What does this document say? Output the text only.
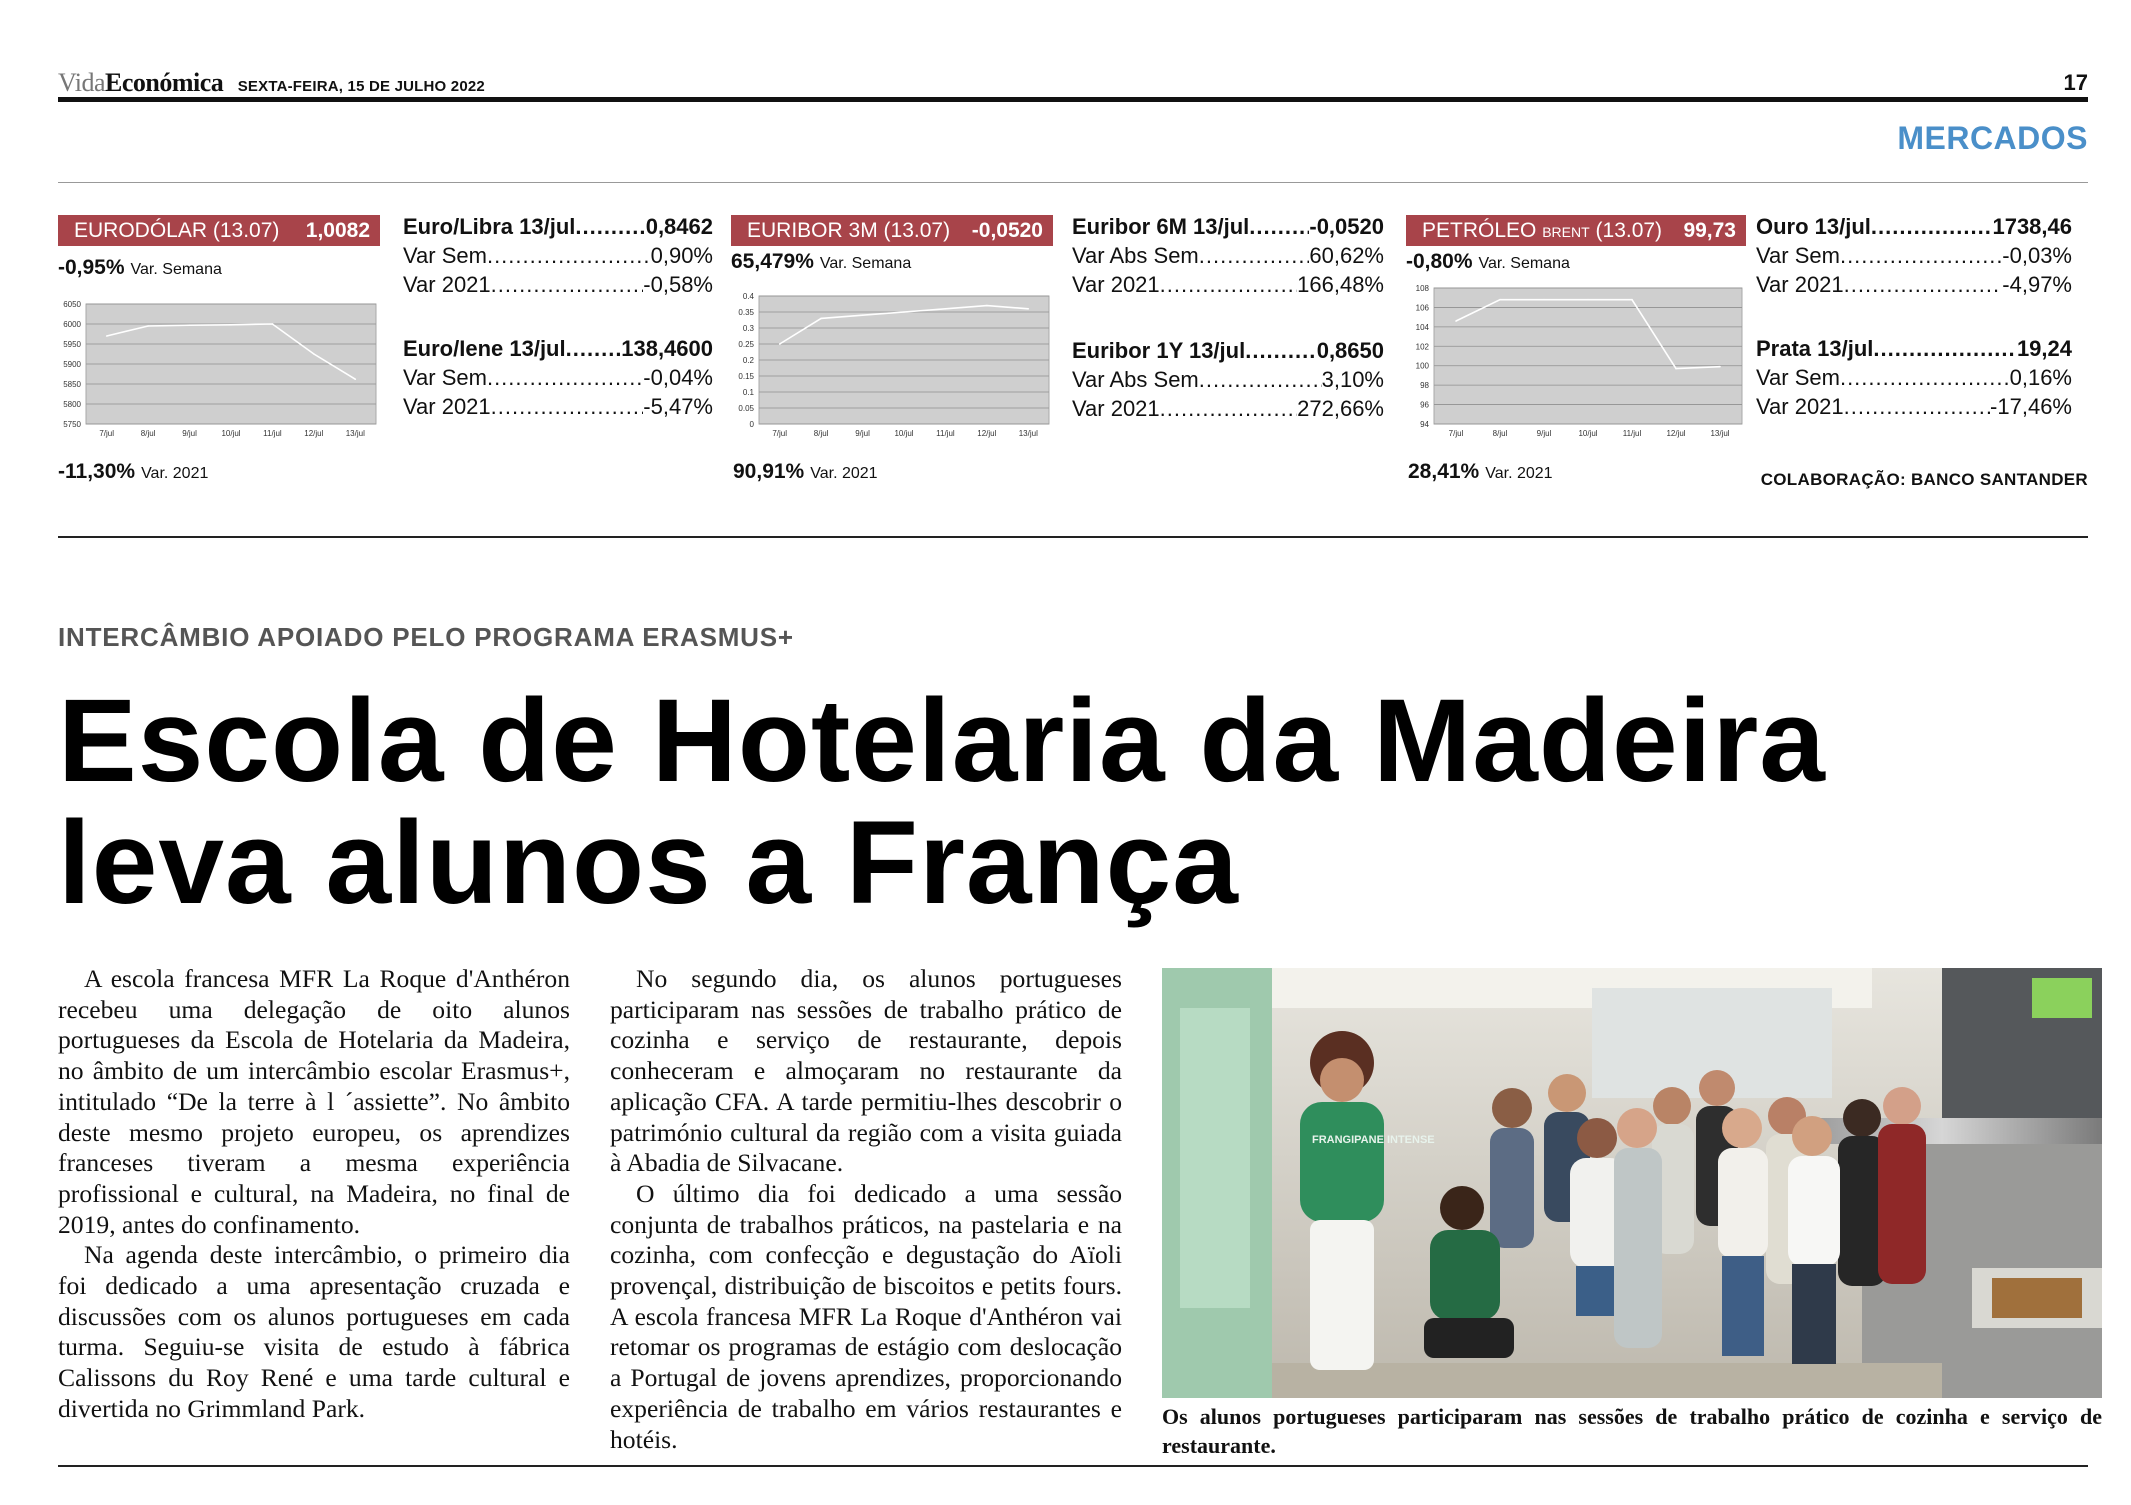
VidaEconómica SEXTA-FEIRA, 15 DE JULHO 2022	17
MERCADOS
EURODÓLAR (13.07) 1,0082
-0,95% Var. Semana
5750
5800
5850
5900
5950
6000
6050
7/jul	8/jul	9/jul	10/jul	11/jul	12/jul	13/jul
-11,30% Var. 2021
Euro/Libra 13/jul .....	0,8462
Var Sem .....	0,90%
Var 2021 .....	-0,58%
Euro/Iene 13/jul .....	138,4600
Var Sem .....	-0,04%
Var 2021 .....	-5,47%
EURIBOR 3M (13.07) -0,0520
65,479% Var. Semana
0
0.05
0.1
0.15
0.2
0.25
0.3
0.35
0.4
7/jul	8/jul	9/jul	10/jul	11/jul	12/jul	13/jul
90,91% Var. 2021
Euribor 6M 13/jul .....	-0,0520
Var Abs Sem .....	60,62%
Var 2021 .....	166,48%
Euribor 1Y 13/jul .....	0,8650
Var Abs Sem .....	3,10%
Var 2021 .....	272,66%
PETRÓLEO BRENT (13.07) 99,73
-0,80% Var. Semana
94
96
98
100
102
104
106
108
7/jul	8/jul	9/jul	10/jul	11/jul	12/jul	13/jul
28,41% Var. 2021
Ouro 13/jul .....	1738,46
Var Sem .....	-0,03%
Var 2021 .....	-4,97%
Prata 13/jul .....	19,24
Var Sem .....	0,16%
Var 2021 .....	-17,46%
COLABORAÇÃO: BANCO SANTANDER
INTERCÂMBIO APOIADO PELO PROGRAMA ERASMUS+
Escola de Hotelaria da Madeira
leva alunos a França

A escola francesa MFR La Roque d'Anthéron recebeu uma delegação de oito alunos portugueses da Escola de Hotelaria da Madeira, no âmbito de um intercâmbio escolar Erasmus+, intitulado “De la terre à l ´assiette”. No âmbito deste mesmo projeto europeu, os aprendizes franceses tiveram a mesma experiência profissional e cultural, na Madeira, no final de 2019, antes do confinamento.

Na agenda deste intercâmbio, o primeiro dia foi dedicado a uma apresentação cruzada e discussões com os alunos portugueses em cada turma. Seguiu-se visita de estudo à fábrica Calissons du Roy René e uma tarde cultural e divertida no Grimmland Park.

No segundo dia, os alunos portugueses participaram nas sessões de trabalho prático de cozinha e serviço de restaurante, depois conheceram e almoçaram no restaurante da aplicação CFA. A tarde permitiu-lhes descobrir o património cultural da região com a visita guiada à Abadia de Silvacane.

O último dia foi dedicado a uma sessão conjunta de trabalhos práticos, na pastelaria e na cozinha, com confecção e degustação do Aïoli provençal, distribuição de biscoitos e petits fours. A escola francesa MFR La Roque d'Anthéron vai retomar os programas de estágio com deslocação a Portugal de jovens aprendizes, proporcionando experiência de trabalho em vários restaurantes e hotéis.

FRANGIPANE INTENSE
Os alunos portugueses participaram nas sessões de trabalho prático de cozinha e serviço de restaurante.
